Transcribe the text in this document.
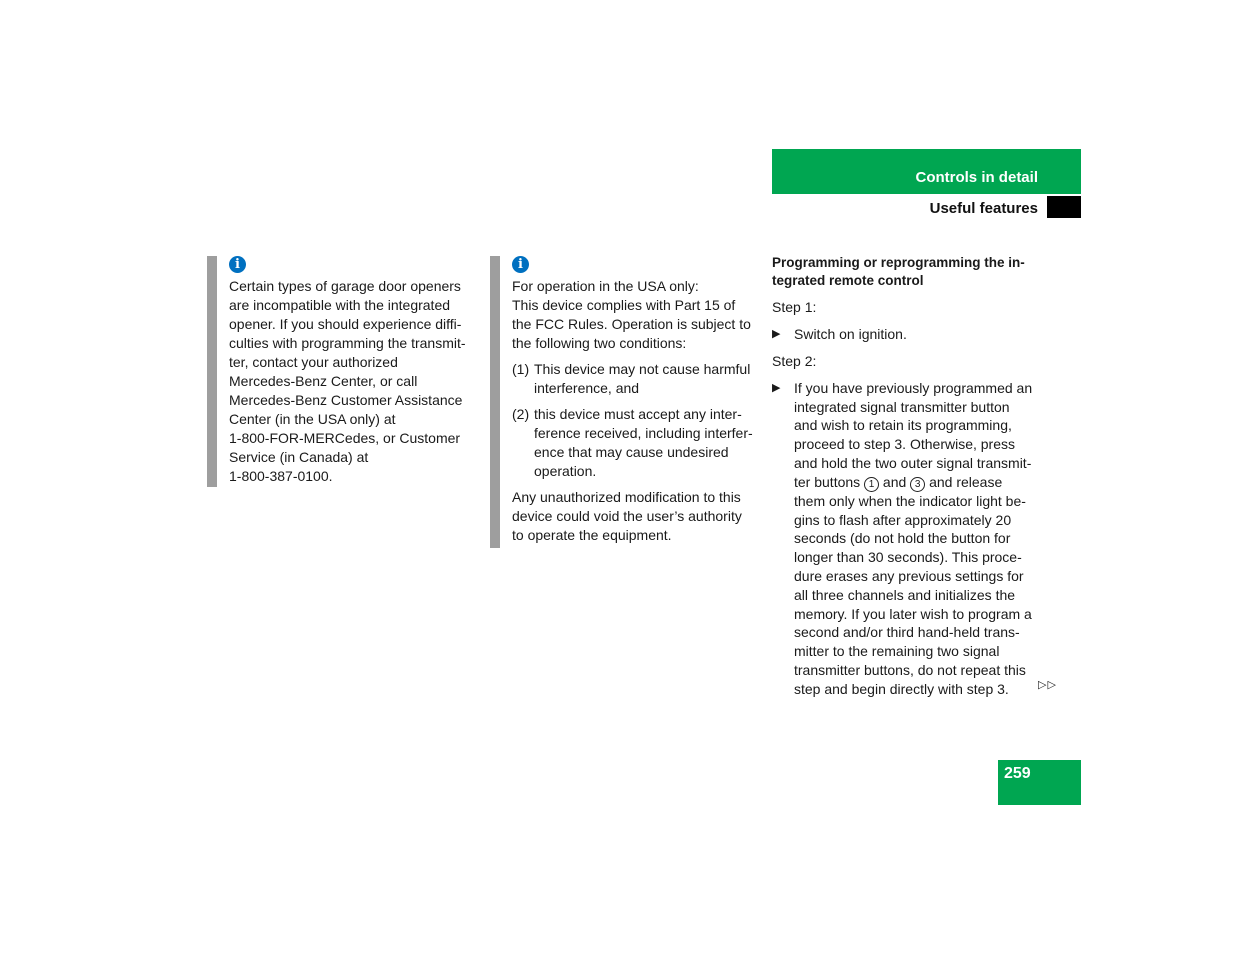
Controls in detail
Useful features
i
Certain types of garage door openers
are incompatible with the integrated
opener. If you should experience diffi-
culties with programming the transmit-
ter, contact your authorized
Mercedes-Benz Center, or call
Mercedes-Benz Customer Assistance
Center (in the USA only) at
1-800-FOR-MERCedes, or Customer
Service (in Canada) at
1-800-387-0100.
i
For operation in the USA only:
This device complies with Part 15 of
the FCC Rules. Operation is subject to
the following two conditions:
(1) This device may not cause harmful
interference, and
(2) this device must accept any inter-
ference received, including interfer-
ence that may cause undesired
operation.
Any unauthorized modification to this
device could void the user’s authority
to operate the equipment.
Programming or reprogramming the in-
tegrated remote control
Step 1:
▶ Switch on ignition.
Step 2:
▶ If you have previously programmed an
integrated signal transmitter button
and wish to retain its programming,
proceed to step 3. Otherwise, press
and hold the two outer signal transmit-
ter buttons 1 and 3 and release
them only when the indicator light be-
gins to flash after approximately 20
seconds (do not hold the button for
longer than 30 seconds). This proce-
dure erases any previous settings for
all three channels and initializes the
memory. If you later wish to program a
second and/or third hand-held trans-
mitter to the remaining two signal
transmitter buttons, do not repeat this
step and begin directly with step 3.	▷▷
259
